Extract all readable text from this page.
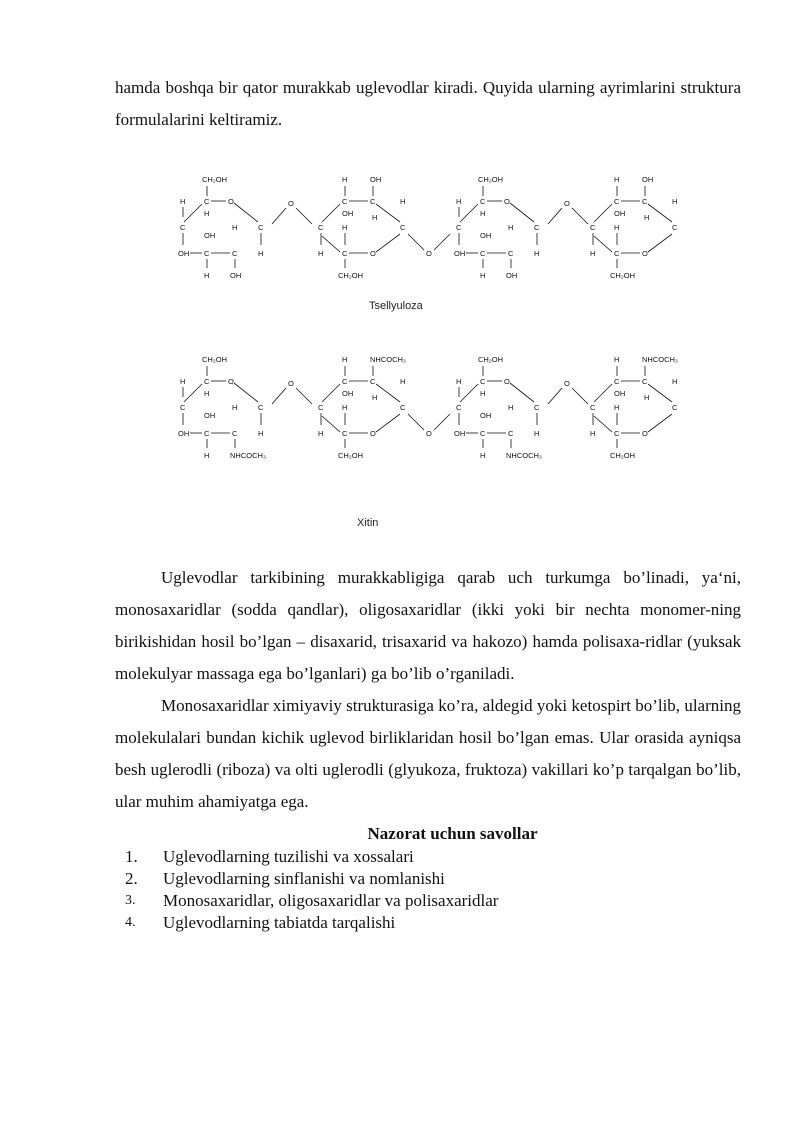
hamda boshqa bir qator murakkab uglevodlar kiradi. Quyida ularning ayrimlarini struktura formulalarini keltiramiz.

CH₂OH
H C O
H
C	C
OH
H
OH C	C	H
H	OH
O
H	OH
C	C	H
OH	H
C	C
H
H C	O
CH₂OH
O
CH₂OH
H C O
H
C	C
OH
H
OH C	C	H
H	OH
O
H	OH
C	C	H
OH	H
C	C
H
H C	O
CH₂OH
Tsellyuloza
CH₂OH
H C O
H
C	C
OH
H
OH C	C	H
H	NHCOCH₃
O
H	NHCOCH₃
C	C	H
OH	H
C	C
H
H C	O
CH₂OH
O
CH₂OH
H C O
H
C	C
OH
H
OH C	C	H
H	NHCOCH₃
O
H	NHCOCH₃
C	C	H
OH	H
C	C
H
H C	O
CH₂OH
Xitin

Uglevodlar tarkibining murakkabligiga qarab uch turkumga bo’linadi, ya‘ni, monosaxaridlar (sodda qandlar), oligosaxaridlar (ikki yoki bir nechta monomer-ning birikishidan hosil bo’lgan – disaxarid, trisaxarid va hakozo) hamda polisaxa-ridlar (yuksak molekulyar massaga ega bo’lganlari) ga bo’lib o’rganiladi.

Monosaxaridlar ximiyaviy strukturasiga ko’ra, aldegid yoki ketospirt bo’lib, ularning molekulalari bundan kichik uglevod birliklaridan hosil bo’lgan emas. Ular orasida ayniqsa besh uglerodli (riboza) va olti uglerodli (glyukoza, fruktoza) vakillari ko’p tarqalgan bo’lib, ular muhim ahamiyatga ega.

Nazorat uchun savollar
1.	Uglevodlarning tuzilishi va xossalari
2.	Uglevodlarning sinflanishi va nomlanishi
3.	Monosaxaridlar, oligosaxaridlar va polisaxaridlar
4.	Uglevodlarning tabiatda tarqalishi
